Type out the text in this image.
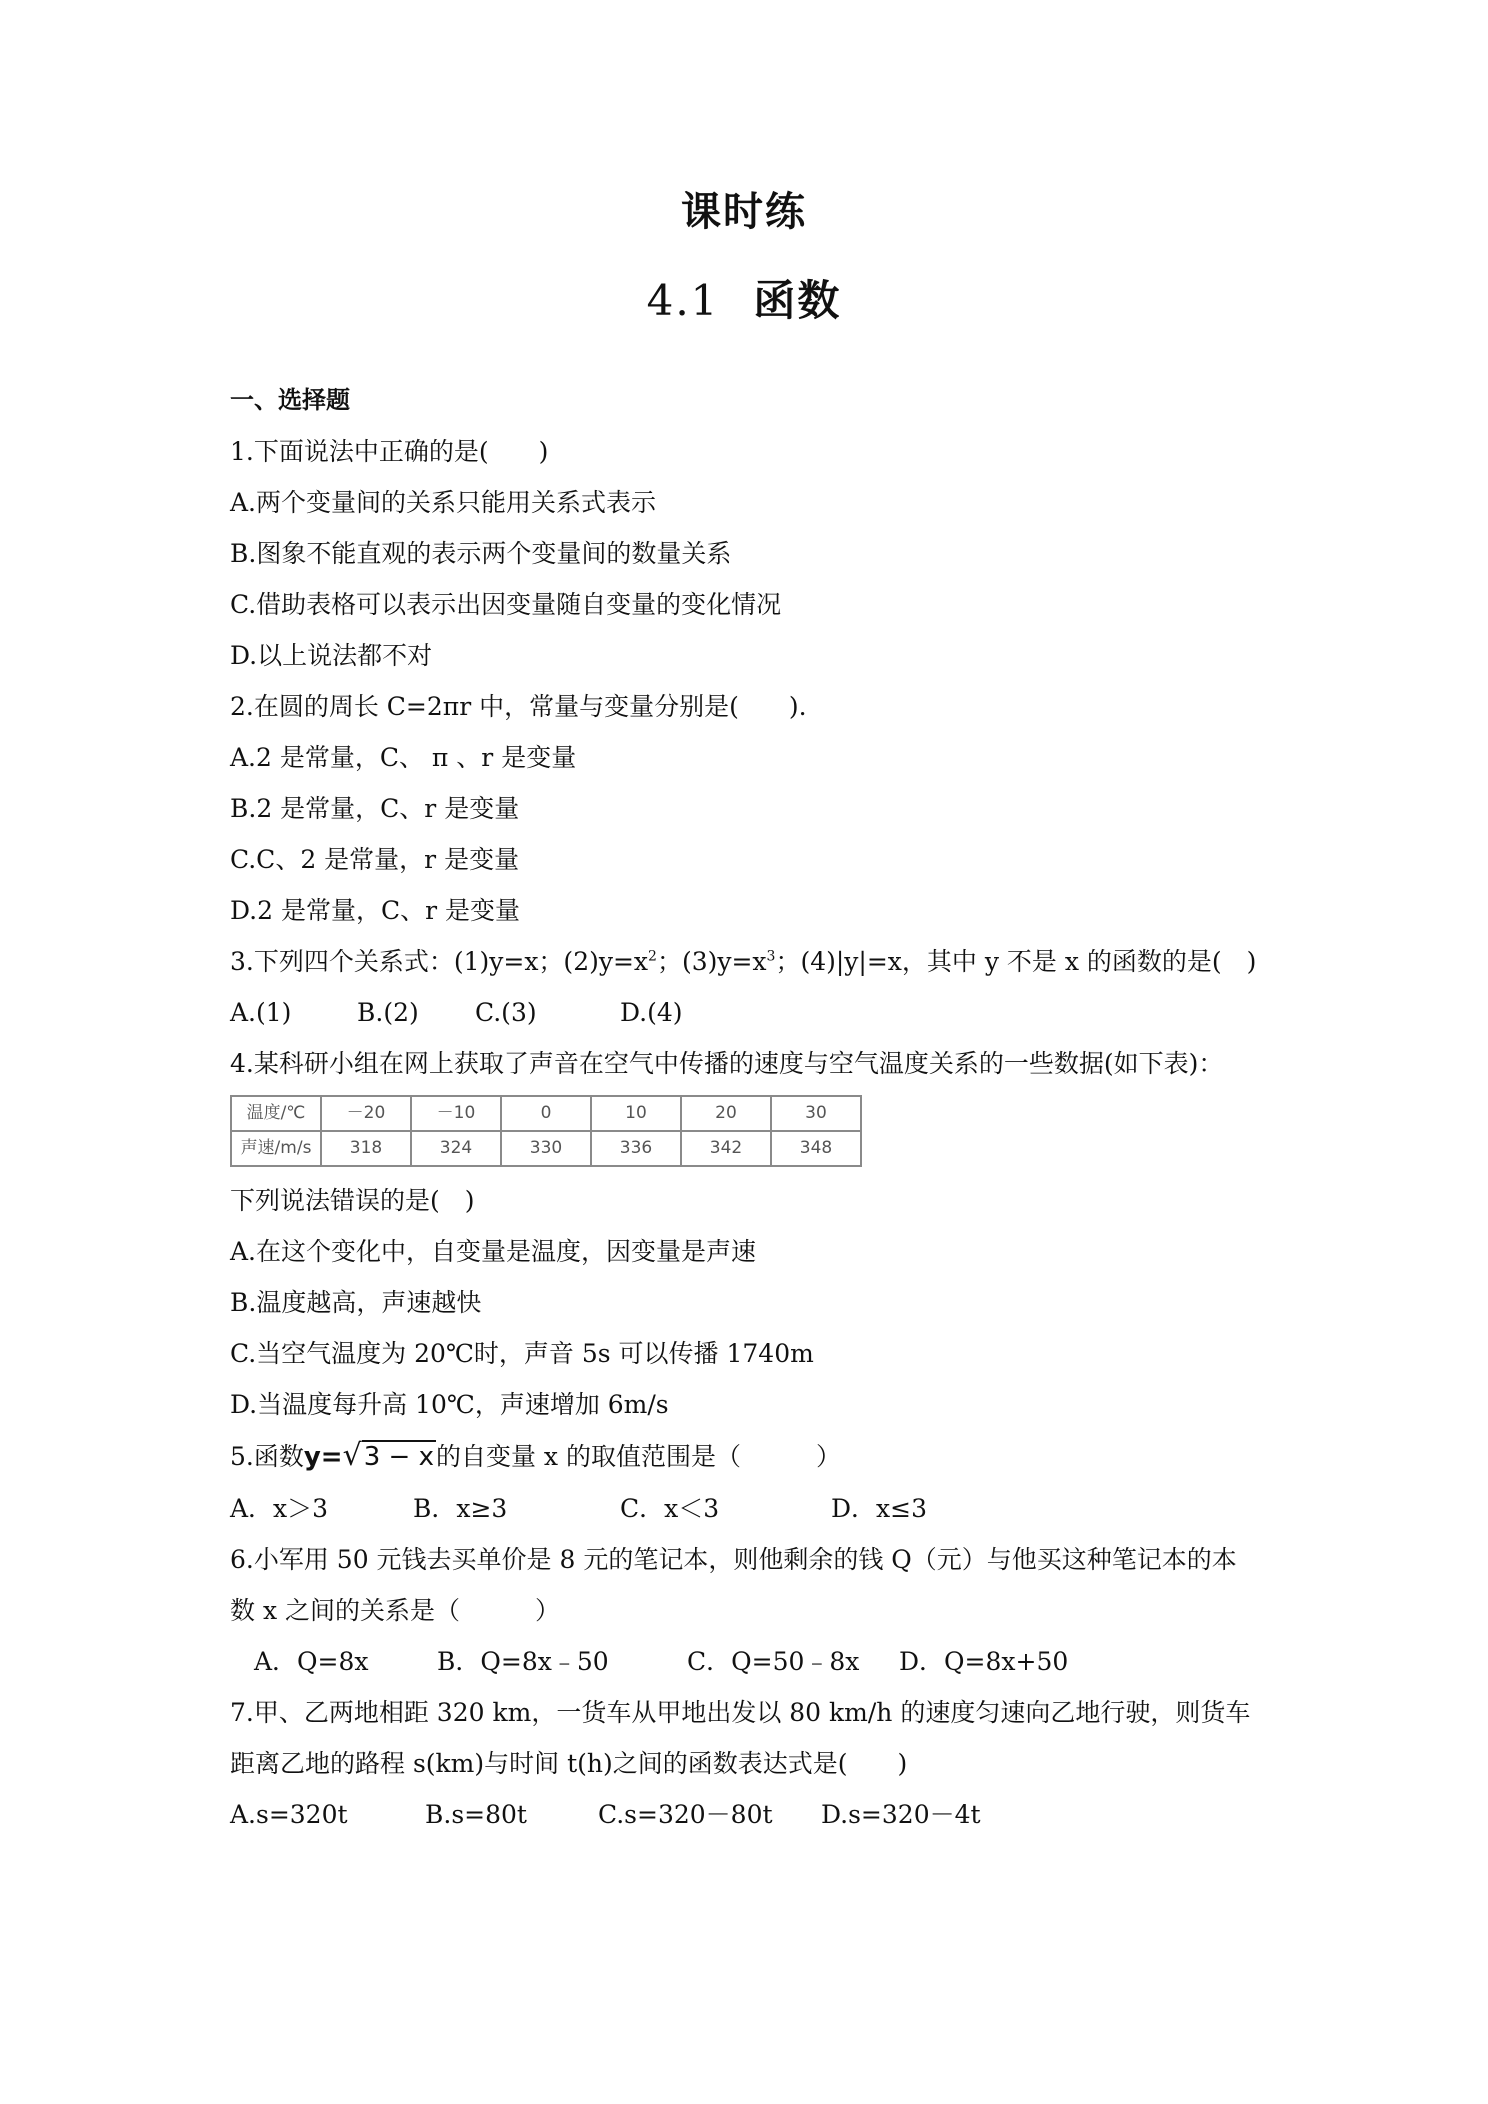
课时练
4.1 函数
一、选择题
1.下面说法中正确的是(　　)
A.两个变量间的关系只能用关系式表示
B.图象不能直观的表示两个变量间的数量关系
C.借助表格可以表示出因变量随自变量的变化情况
D.以上说法都不对
2.在圆的周长 C=2πr 中，常量与变量分别是(　　).
A.2 是常量，C、 π 、r 是变量
B.2 是常量，C、r 是变量
C.C、2 是常量，r 是变量
D.2 是常量，C、r 是变量
3.下列四个关系式：(1)y=x；$(2)y=x^2$；$(3)y=x^3$；(4)|y|=x，其中 y 不是 x 的函数的是(　)
A.(1)	B.(2)	C.(3)	D.(4)
4.某科研小组在网上获取了声音在空气中传播的速度与空气温度关系的一些数据(如下表)：
温度/℃	－20	－10	0	10	20	30
声速/m/s	318	324	330	336	342	348
下列说法错误的是(　)
A.在这个变化中，自变量是温度，因变量是声速
B.温度越高，声速越快
C.当空气温度为 20℃时，声音 5s 可以传播 1740m
D.当温度每升高 10℃，声速增加 6m/s
5.函数y=√3 − x的自变量 x 的取值范围是（　　　）
A．x＞3	B．x≥3	C．x＜3	D．x≤3
6.小军用 50 元钱去买单价是 8 元的笔记本，则他剩余的钱 Q（元）与他买这种笔记本的本
数 x 之间的关系是（　　　）
A．Q=8x	B．Q=8x﹣50	C．Q=50﹣8x	D．Q=8x+50
7.甲、乙两地相距 320 km，一货车从甲地出发以 80 km/h 的速度匀速向乙地行驶，则货车
距离乙地的路程 s(km)与时间 t(h)之间的函数表达式是(　　)
A.s=320t	B.s=80t	C.s=320－80t	D.s=320－4t
